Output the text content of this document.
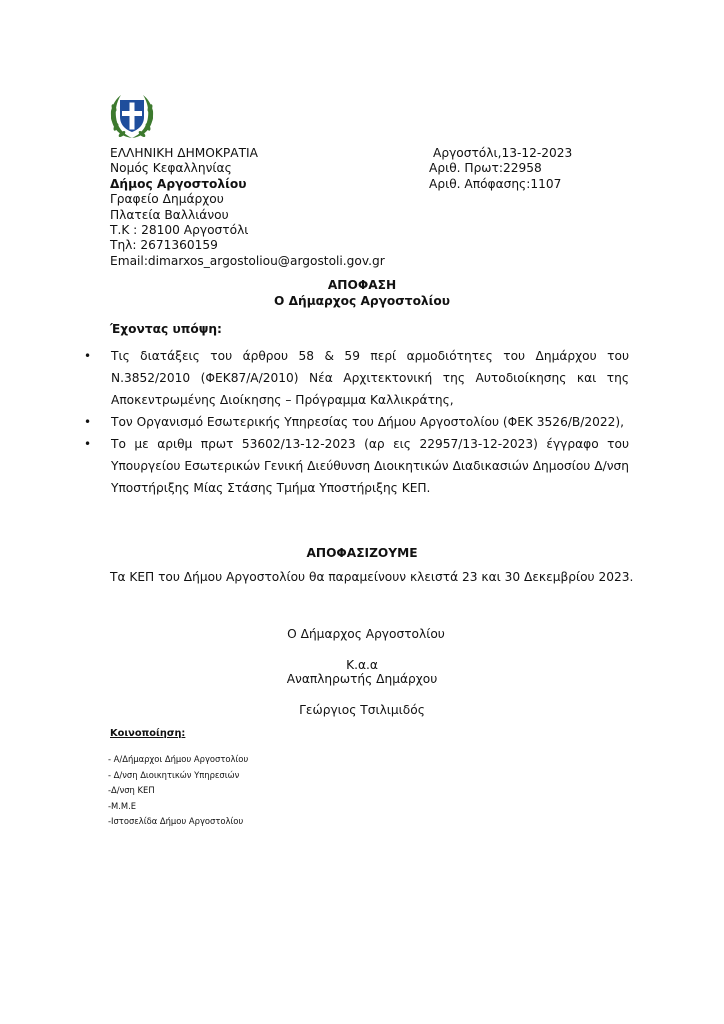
ΕΛΛΗΝΙΚΗ ΔΗΜΟΚΡΑΤΙΑ
Νομός Κεφαλληνίας
Δήμος Αργοστολίου
Γραφείο Δημάρχου
Πλατεία Βαλλιάνου
Τ.Κ : 28100 Αργοστόλι
Τηλ: 2671360159
Email:dimarxos_argostoliou@argostoli.gov.gr
Αργοστόλι,13-12-2023
Αριθ. Πρωτ:22958
Αριθ. Απόφασης:1107
ΑΠΟΦΑΣΗ
Ο Δήμαρχος Αργοστολίου
Έχοντας υπόψη:
• Τις διατάξεις του άρθρου 58 & 59 περί αρμοδιότητες του Δημάρχου του Ν.3852/2010 (ΦΕΚ87/Α/2010) Νέα Αρχιτεκτονική της Αυτοδιοίκησης και της Αποκεντρωμένης Διοίκησης – Πρόγραμμα Καλλικράτης,
• Τον Οργανισμό Εσωτερικής Υπηρεσίας του Δήμου Αργοστολίου (ΦΕΚ 3526/Β/2022),
• Το με αριθμ πρωτ 53602/13-12-2023 (αρ εις 22957/13-12-2023) έγγραφο του Υπουργείου Εσωτερικών Γενική Διεύθυνση Διοικητικών Διαδικασιών Δημοσίου Δ/νση Υποστήριξης Μίας Στάσης Τμήμα Υποστήριξης ΚΕΠ.
ΑΠΟΦΑΣΙΖΟΥΜΕ
Τα ΚΕΠ του Δήμου Αργοστολίου θα παραμείνουν κλειστά 23 και 30 Δεκεμβρίου 2023.
Ο Δήμαρχος Αργοστολίου
Κ.α.α
Αναπληρωτής Δημάρχου
Γεώργιος Τσιλιμιδός
Κοινοποίηση:
- Α/Δήμαρχοι Δήμου Αργοστολίου
- Δ/νση Διοικητικών Υπηρεσιών
-Δ/νση ΚΕΠ
-Μ.Μ.Ε
-Ιστοσελίδα Δήμου Αργοστολίου
